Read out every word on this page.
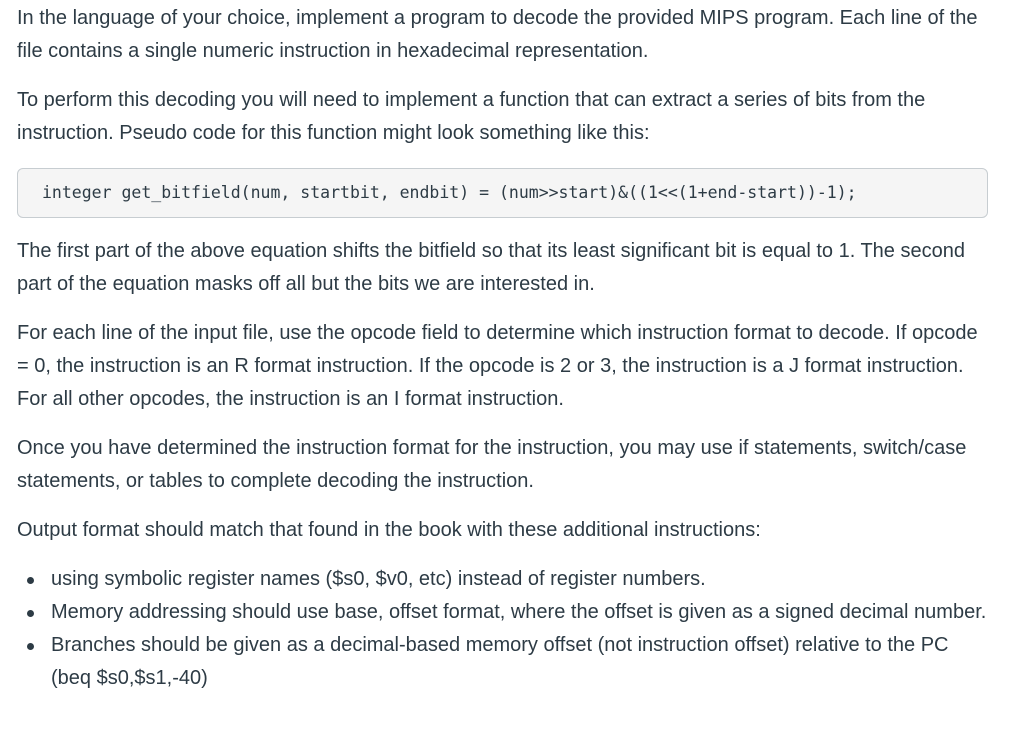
In the language of your choice, implement a program to decode the provided MIPS program. Each line of the file contains a single numeric instruction in hexadecimal representation.

To perform this decoding you will need to implement a function that can extract a series of bits from the instruction. Pseudo code for this function might look something like this:

integer get_bitfield(num, startbit, endbit) = (num>>start)&((1<<(1+end-start))-1);

The first part of the above equation shifts the bitfield so that its least significant bit is equal to 1. The second part of the equation masks off all but the bits we are interested in.

For each line of the input file, use the opcode field to determine which instruction format to decode. If opcode = 0, the instruction is an R format instruction. If the opcode is 2 or 3, the instruction is a J format instruction. For all other opcodes, the instruction is an I format instruction.

Once you have determined the instruction format for the instruction, you may use if statements, switch/case statements, or tables to complete decoding the instruction.

Output format should match that found in the book with these additional instructions:

using symbolic register names ($s0, $v0, etc) instead of register numbers.
Memory addressing should use base, offset format, where the offset is given as a signed decimal number.
Branches should be given as a decimal-based memory offset (not instruction offset) relative to the PC (beq $s0,$s1,-40)
